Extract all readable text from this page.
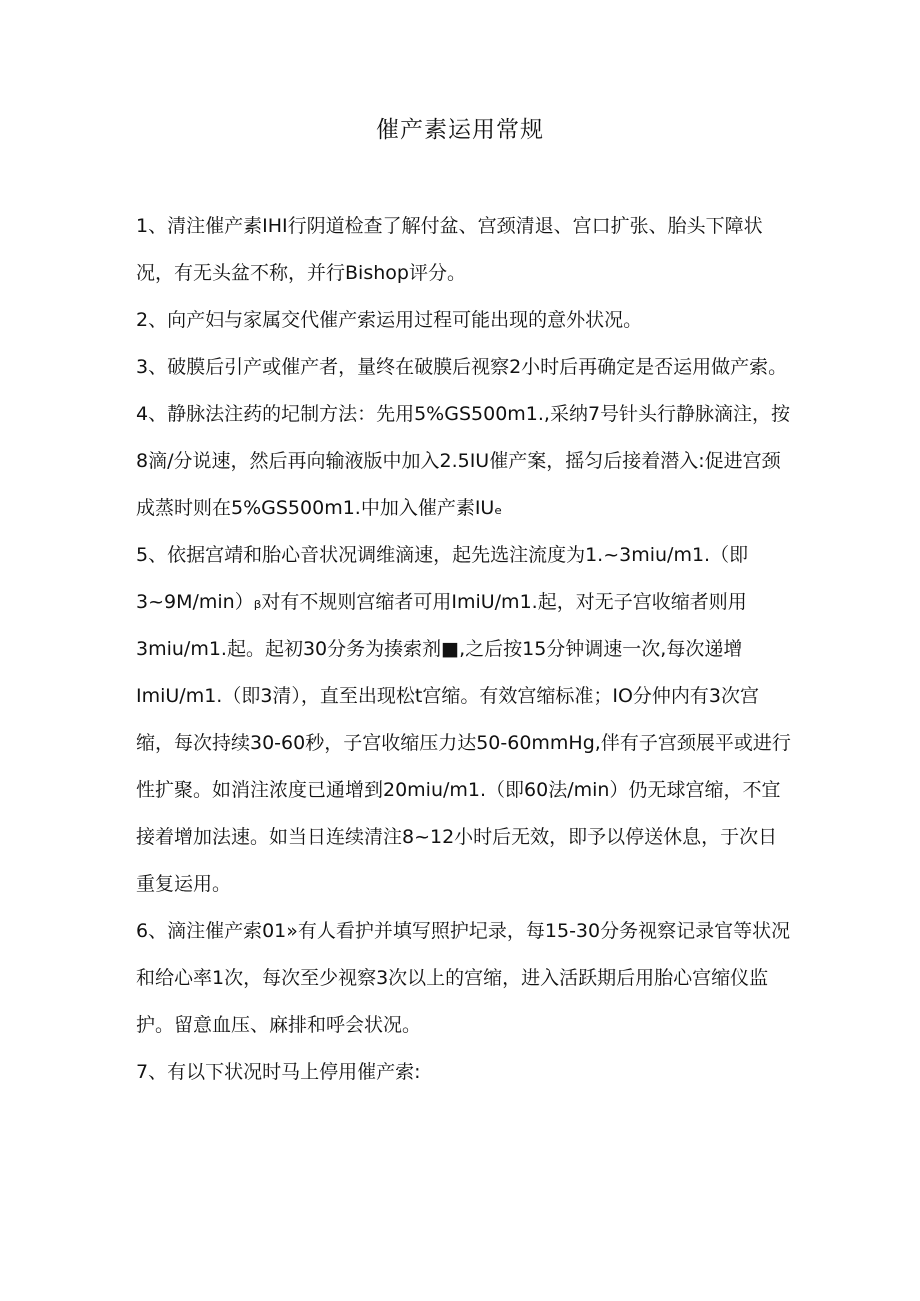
催产素运用常规

1、清注催产素IHI行阴道检查了解付盆、宫颈清退、宫口扩张、胎头下障状况，有无头盆不称，并行Bishop评分。

2、向产妇与家属交代催产索运用过程可能出现的意外状况。

3、破膜后引产或催产者，量终在破膜后视察2小时后再确定是否运用做产索。

4、静脉法注药的圮制方法：先用5%GS500m1.,采纳7号针头行静脉滴注，按8滴/分说速，然后再向输液版中加入2.5IU催产案，摇匀后接着潜入:促进宫颈成蒸时则在5%GS500m1.中加入催产素IUₑ

5、依据宫靖和胎心音状况调维滴速，起先选注流度为1.~3miu∕m1.（即3~9M∕min）ᵦ对有不规则宫缩者可用ImiU/m1.起，对无子宫收缩者则用3miu∕m1.起。起初30分务为揍索剂■,之后按15分钟调速一次,每次递增ImiU∕m1.（即3清），直至出现松t宫缩。有效宫缩标准；IO分仲内有3次宫缩，每次持续30-60秒，子宫收缩压力达50-60mmHg,伴有子宫颈展平或进行性扩聚。如消注浓度已通增到20miu∕m1.（即60法∕min）仍无球宫缩，不宜接着增加法速。如当日连续清注8~12小时后无效，即予以停送休息，于次日重复运用。

6、滴注催产索01»有人看护并填写照护圮录，每15-30分务视察记录官等状况和给心率1次，每次至少视察3次以上的宫缩，进入活跃期后用胎心宫缩仪监护。留意血压、麻排和呼会状况。

7、有以下状况时马上停用催产索:
